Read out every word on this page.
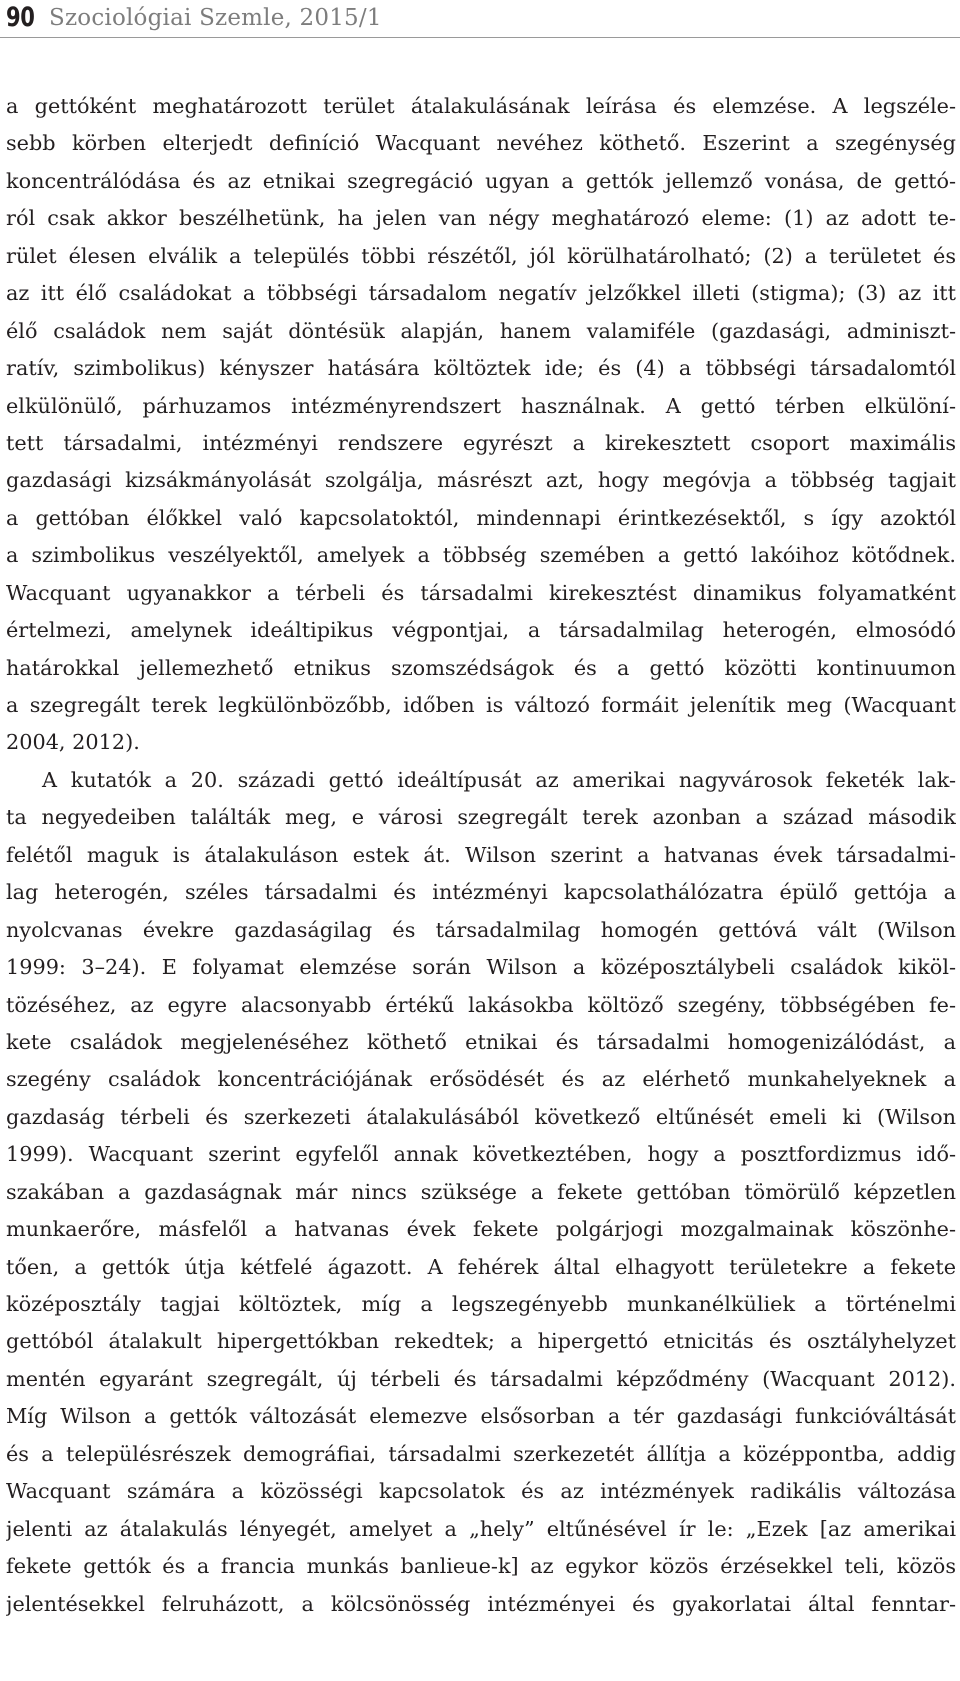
90 Szociológiai Szemle, 2015/1
a gettóként meghatározott terület átalakulásának leírása és elemzése. A legszéle-
sebb körben elterjedt definíció Wacquant nevéhez köthető. Eszerint a szegénység
koncentrálódása és az etnikai szegregáció ugyan a gettók jellemző vonása, de gettó-
ról csak akkor beszélhetünk, ha jelen van négy meghatározó eleme: (1) az adott te-
rület élesen elválik a település többi részétől, jól körülhatárolható; (2) a területet és
az itt élő családokat a többségi társadalom negatív jelzőkkel illeti (stigma); (3) az itt
élő családok nem saját döntésük alapján, hanem valamiféle (gazdasági, adminiszt-
ratív, szimbolikus) kényszer hatására költöztek ide; és (4) a többségi társadalomtól
elkülönülő, párhuzamos intézményrendszert használnak. A gettó térben elkülöní-
tett társadalmi, intézményi rendszere egyrészt a kirekesztett csoport maximális
gazdasági kizsákmányolását szolgálja, másrészt azt, hogy megóvja a többség tagjait
a gettóban élőkkel való kapcsolatoktól, mindennapi érintkezésektől, s így azoktól
a szimbolikus veszélyektől, amelyek a többség szemében a gettó lakóihoz kötődnek.
Wacquant ugyanakkor a térbeli és társadalmi kirekesztést dinamikus folyamatként
értelmezi, amelynek ideáltipikus végpontjai, a társadalmilag heterogén, elmosódó
határokkal jellemezhető etnikus szomszédságok és a gettó közötti kontinuumon
a szegregált terek legkülönbözőbb, időben is változó formáit jelenítik meg (Wacquant
2004, 2012).
A kutatók a 20. századi gettó ideáltípusát az amerikai nagyvárosok feketék lak-
ta negyedeiben találták meg, e városi szegregált terek azonban a század második
felétől maguk is átalakuláson estek át. Wilson szerint a hatvanas évek társadalmi-
lag heterogén, széles társadalmi és intézményi kapcsolathálózatra épülő gettója a
nyolcvanas évekre gazdaságilag és társadalmilag homogén gettóvá vált (Wilson
1999: 3–24). E folyamat elemzése során Wilson a középosztálybeli családok kiköl-
tözéséhez, az egyre alacsonyabb értékű lakásokba költöző szegény, többségében fe-
kete családok megjelenéséhez köthető etnikai és társadalmi homogenizálódást, a
szegény családok koncentrációjának erősödését és az elérhető munkahelyeknek a
gazdaság térbeli és szerkezeti átalakulásából következő eltűnését emeli ki (Wilson
1999). Wacquant szerint egyfelől annak következtében, hogy a posztfordizmus idő-
szakában a gazdaságnak már nincs szüksége a fekete gettóban tömörülő képzetlen
munkaerőre, másfelől a hatvanas évek fekete polgárjogi mozgalmainak köszönhe-
tően, a gettók útja kétfelé ágazott. A fehérek által elhagyott területekre a fekete
középosztály tagjai költöztek, míg a legszegényebb munkanélküliek a történelmi
gettóból átalakult hipergettókban rekedtek; a hipergettó etnicitás és osztályhelyzet
mentén egyaránt szegregált, új térbeli és társadalmi képződmény (Wacquant 2012).
Míg Wilson a gettók változását elemezve elsősorban a tér gazdasági funkcióváltását
és a településrészek demográfiai, társadalmi szerkezetét állítja a középpontba, addig
Wacquant számára a közösségi kapcsolatok és az intézmények radikális változása
jelenti az átalakulás lényegét, amelyet a „hely” eltűnésével ír le: „Ezek [az amerikai
fekete gettók és a francia munkás banlieue-k] az egykor közös érzésekkel teli, közös
jelentésekkel felruházott, a kölcsönösség intézményei és gyakorlatai által fenntar-
